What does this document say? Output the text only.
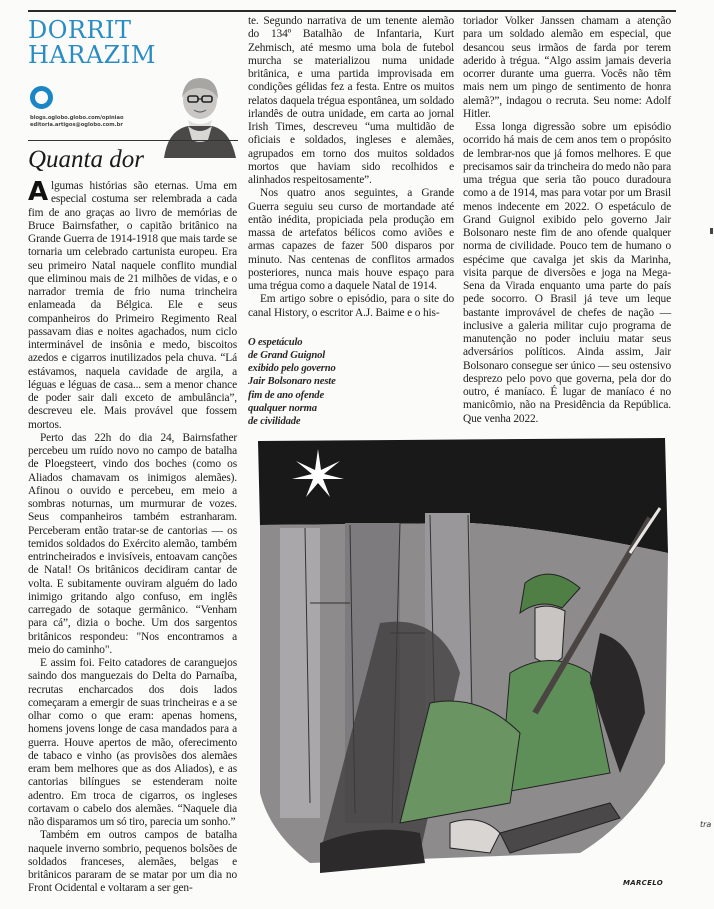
DORRIT
HARAZIM
blogs.oglobo.globo.com/opiniao
editoria.artigos@oglobo.com.br
Quanta dor

Algumas histórias são eternas. Uma em especial costuma ser relembrada a cada fim de ano graças ao livro de memórias de Bruce Bairnsfather, o capitão britânico na Grande Guerra de 1914-1918 que mais tarde se tornaria um celebrado cartunista europeu. Era seu primeiro Natal naquele conflito mundial que eliminou mais de 21 milhões de vidas, e o narrador tremia de frio numa trincheira enlameada da Bélgica. Ele e seus companheiros do Primeiro Regimento Real passavam dias e noites agachados, num ciclo interminável de insônia e medo, biscoitos azedos e cigarros inutilizados pela chuva. “Lá estávamos, naquela cavidade de argila, a léguas e léguas de casa... sem a menor chance de poder sair dali exceto de ambulância”, descreveu ele. Mais provável que fossem mortos.

Perto das 22h do dia 24, Bairnsfather percebeu um ruído novo no campo de batalha de Ploegsteert, vindo dos boches (como os Aliados chamavam os inimigos alemães). Afinou o ouvido e percebeu, em meio a sombras noturnas, um murmurar de vozes. Seus companheiros também estranharam. Perceberam então tratar-se de cantorias — os temidos soldados do Exército alemão, também entrincheirados e invisíveis, entoavam canções de Natal! Os britânicos decidiram cantar de volta. E subitamente ouviram alguém do lado inimigo gritando algo confuso, em inglês carregado de sotaque germânico. “Venham para cá”, dizia o boche. Um dos sargentos britânicos respondeu: "Nos encontramos a meio do caminho".

E assim foi. Feito catadores de caranguejos saindo dos manguezais do Delta do Parnaíba, recrutas encharcados dos dois lados começaram a emergir de suas trincheiras e a se olhar como o que eram: apenas homens, homens jovens longe de casa mandados para a guerra. Houve apertos de mão, oferecimento de tabaco e vinho (as provisões dos alemães eram bem melhores que as dos Aliados), e as cantorias bilíngues se estenderam noite adentro. Em troca de cigarros, os ingleses cortavam o cabelo dos alemães. “Naquele dia não disparamos um só tiro, parecia um sonho.”

Também em outros campos de batalha naquele inverno sombrio, pequenos bolsões de soldados franceses, alemães, belgas e britânicos pararam de se matar por um dia no Front Ocidental e voltaram a ser gen-

te. Segundo narrativa de um tenente alemão do 134º Batalhão de Infantaria, Kurt Zehmisch, até mesmo uma bola de futebol murcha se materializou numa unidade britânica, e uma partida improvisada em condições gélidas fez a festa. Entre os muitos relatos daquela trégua espontânea, um soldado irlandês de outra unidade, em carta ao jornal Irish Times, descreveu “uma multidão de oficiais e soldados, ingleses e alemães, agrupados em torno dos muitos soldados mortos que haviam sido recolhidos e alinhados respeitosamente”.

Nos quatro anos seguintes, a Grande Guerra seguiu seu curso de mortandade até então inédita, propiciada pela produção em massa de artefatos bélicos como aviões e armas capazes de fazer 500 disparos por minuto. Nas centenas de conflitos armados posteriores, nunca mais houve espaço para uma trégua como a daquele Natal de 1914.

Em artigo sobre o episódio, para o site do canal History, o escritor A.J. Baime e o his-

O espetáculo
de Grand Guignol
exibido pelo governo
Jair Bolsonaro neste
fim de ano ofende
qualquer norma
de civilidade

toriador Volker Janssen chamam a atenção para um soldado alemão em especial, que desancou seus irmãos de farda por terem aderido à trégua. “Algo assim jamais deveria ocorrer durante uma guerra. Vocês não têm mais nem um pingo de sentimento de honra alemã?”, indagou o recruta. Seu nome: Adolf Hitler.

Essa longa digressão sobre um episódio ocorrido há mais de cem anos tem o propósito de lembrar-nos que já fomos melhores. E que precisamos sair da trincheira do medo não para uma trégua que seria tão pouco duradoura como a de 1914, mas para votar por um Brasil menos indecente em 2022. O espetáculo de Grand Guignol exibido pelo governo Jair Bolsonaro neste fim de ano ofende qualquer norma de civilidade. Pouco tem de humano o espécime que cavalga jet skis da Marinha, visita parque de diversões e joga na Mega-Sena da Virada enquanto uma parte do país pede socorro. O Brasil já teve um leque bastante improvável de chefes de nação — inclusive a galeria militar cujo programa de manutenção no poder incluiu matar seus adversários políticos. Ainda assim, Jair Bolsonaro consegue ser único — seu ostensivo desprezo pelo povo que governa, pela dor do outro, é maníaco. É lugar de maníaco é no manicômio, não na Presidência da República. Que venha 2022.

MARCELO
tra
